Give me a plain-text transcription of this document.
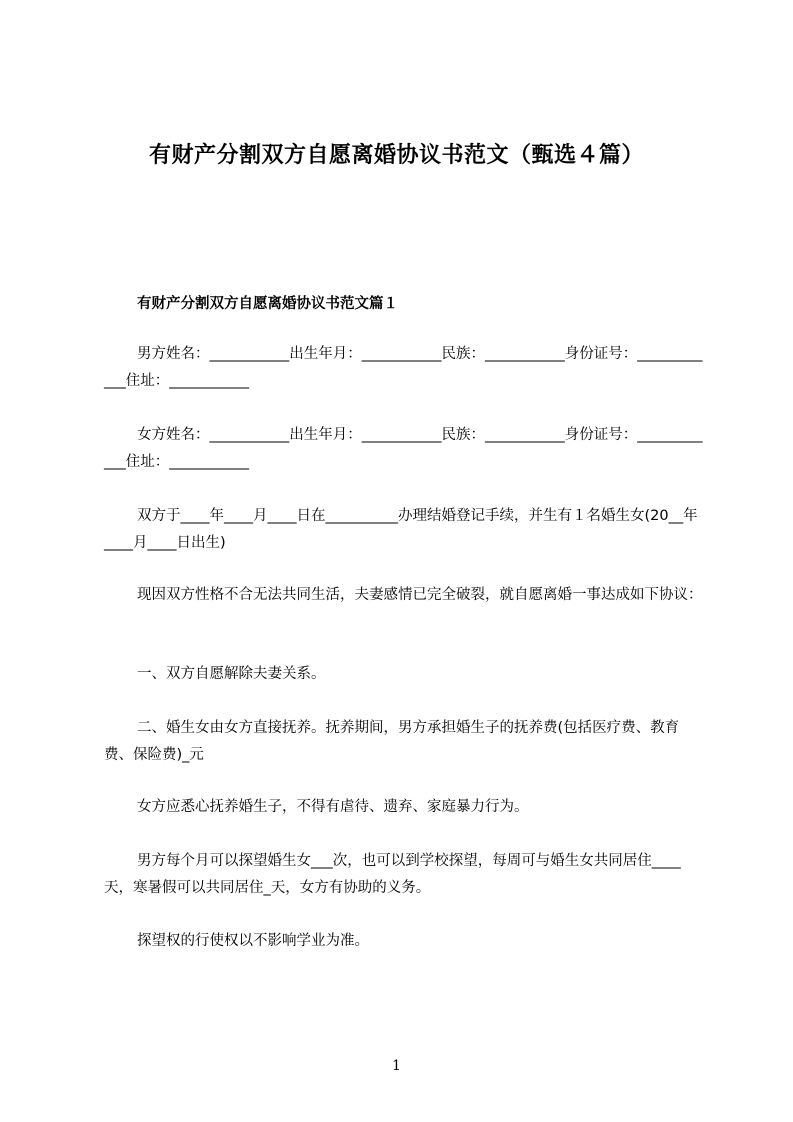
有财产分割双方自愿离婚协议书范文（甄选４篇）
有财产分割双方自愿离婚协议书范文篇１
男方姓名：___________出生年月：___________民族：___________身份证号：____________住址：___________
女方姓名：___________出生年月：___________民族：___________身份证号：____________住址：___________
双方于____年____月____日在__________办理结婚登记手续，并生有１名婚生女(20__年____月____日出生)
现因双方性格不合无法共同生活，夫妻感情已完全破裂，就自愿离婚一事达成如下协议：
一、双方自愿解除夫妻关系。
二、婚生女由女方直接抚养。抚养期间，男方承担婚生子的抚养费(包括医疗费、教育费、保险费)_元
女方应悉心抚养婚生子，不得有虐待、遗弃、家庭暴力行为。
男方每个月可以探望婚生女___次，也可以到学校探望，每周可与婚生女共同居住____天，寒暑假可以共同居住_天，女方有协助的义务。
探望权的行使权以不影响学业为准。
1
